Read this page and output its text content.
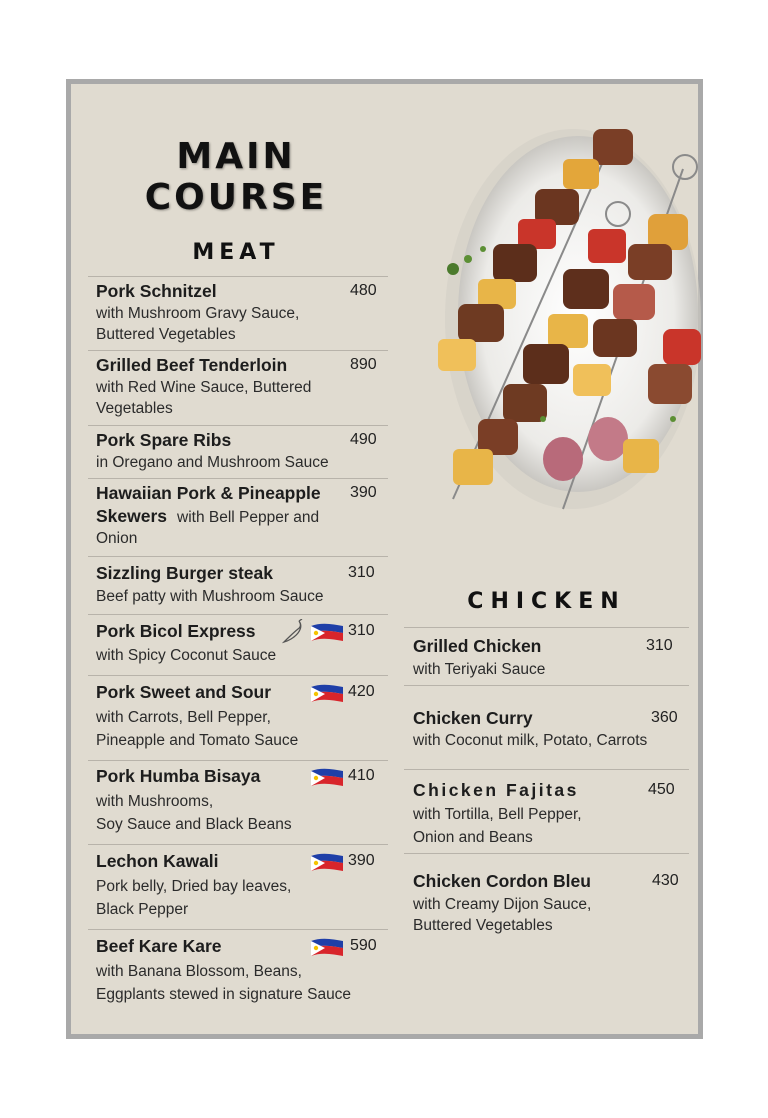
MAIN
COURSE
MEAT
Pork Schnitzel	480
with Mushroom Gravy Sauce,
Buttered Vegetables
Grilled Beef Tenderloin	890
with Red Wine Sauce, Buttered
Vegetables
Pork Spare Ribs	490
in Oregano and Mushroom Sauce
Hawaiian Pork & Pineapple 390
Skewers with Bell Pepper and
Onion
Sizzling Burger steak	310
Beef patty with Mushroom Sauce
Pork Bicol Express	310
with Spicy Coconut Sauce
Pork Sweet and Sour	420
with Carrots, Bell Pepper,
Pineapple and Tomato Sauce
Pork Humba Bisaya	410
with Mushrooms,
Soy Sauce and Black Beans
Lechon Kawali	390
Pork belly, Dried bay leaves,
Black Pepper
Beef Kare Kare	590
with Banana Blossom, Beans,
Eggplants stewed in signature Sauce
CHICKEN
Grilled Chicken	310
with Teriyaki Sauce
Chicken Curry	360
with Coconut milk, Potato, Carrots
Chicken Fajitas	450
with Tortilla, Bell Pepper,
Onion and Beans
Chicken Cordon Bleu	430
with Creamy Dijon Sauce,
Buttered Vegetables
